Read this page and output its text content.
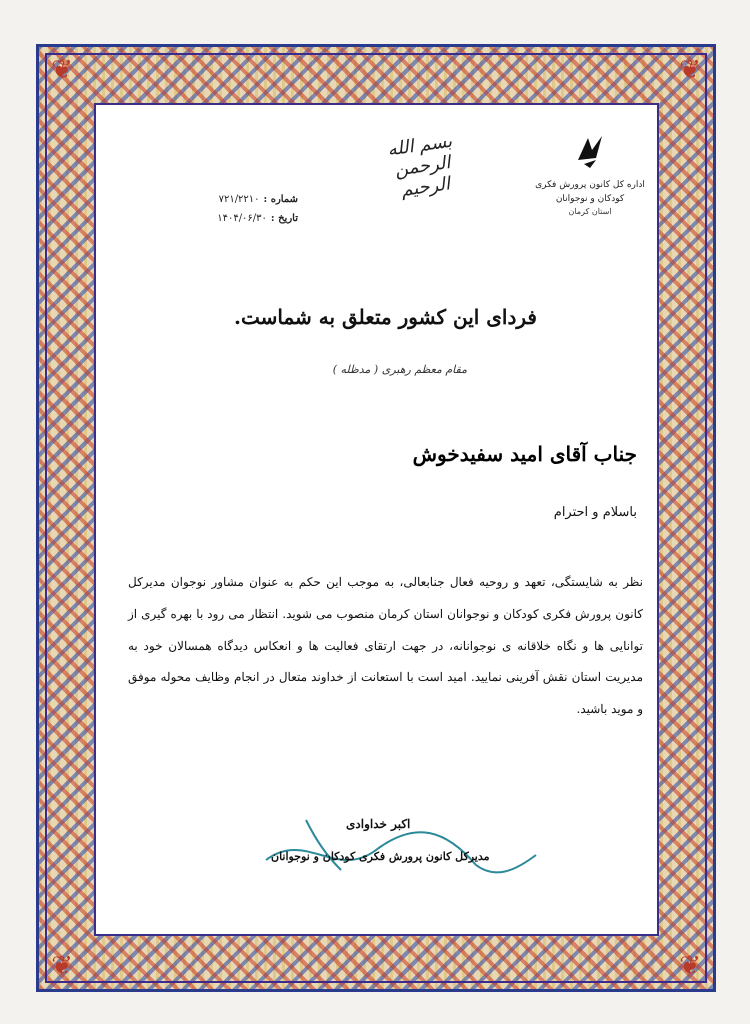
❦	❦
❦	❦
بسم الله الرحمن الرحیم	اداره کل کانون پرورش فکری کودکان و نوجوانان
استان کرمان
شماره :
۷۲۱/۲۲۱۰
تاریخ :
۱۴۰۴/۰۶/۳۰
فردای این کشور متعلق به شماست.
مقام معظم رهبری ( مدظله )
جناب آقای امید سفیدخوش
باسلام و احترام
نظر به شایستگی، تعهد و روحیه فعال جنابعالی، به موجب این حکم به عنوان مشاور نوجوان مدیرکل کانون پرورش فکری کودکان و نوجوانان استان کرمان منصوب می شوید. انتظار می رود با بهره گیری از توانایی ها و نگاه خلاقانه ی نوجوانانه، در جهت ارتقای فعالیت ها و انعکاس دیدگاه همسالان خود به مدیریت استان نقش آفرینی نمایید. امید است با استعانت از خداوند متعال در انجام وظایف محوله موفق و موید باشید.
اکبر خداوادی
مدیرکل کانون پرورش فکری کودکان و نوجوانان
